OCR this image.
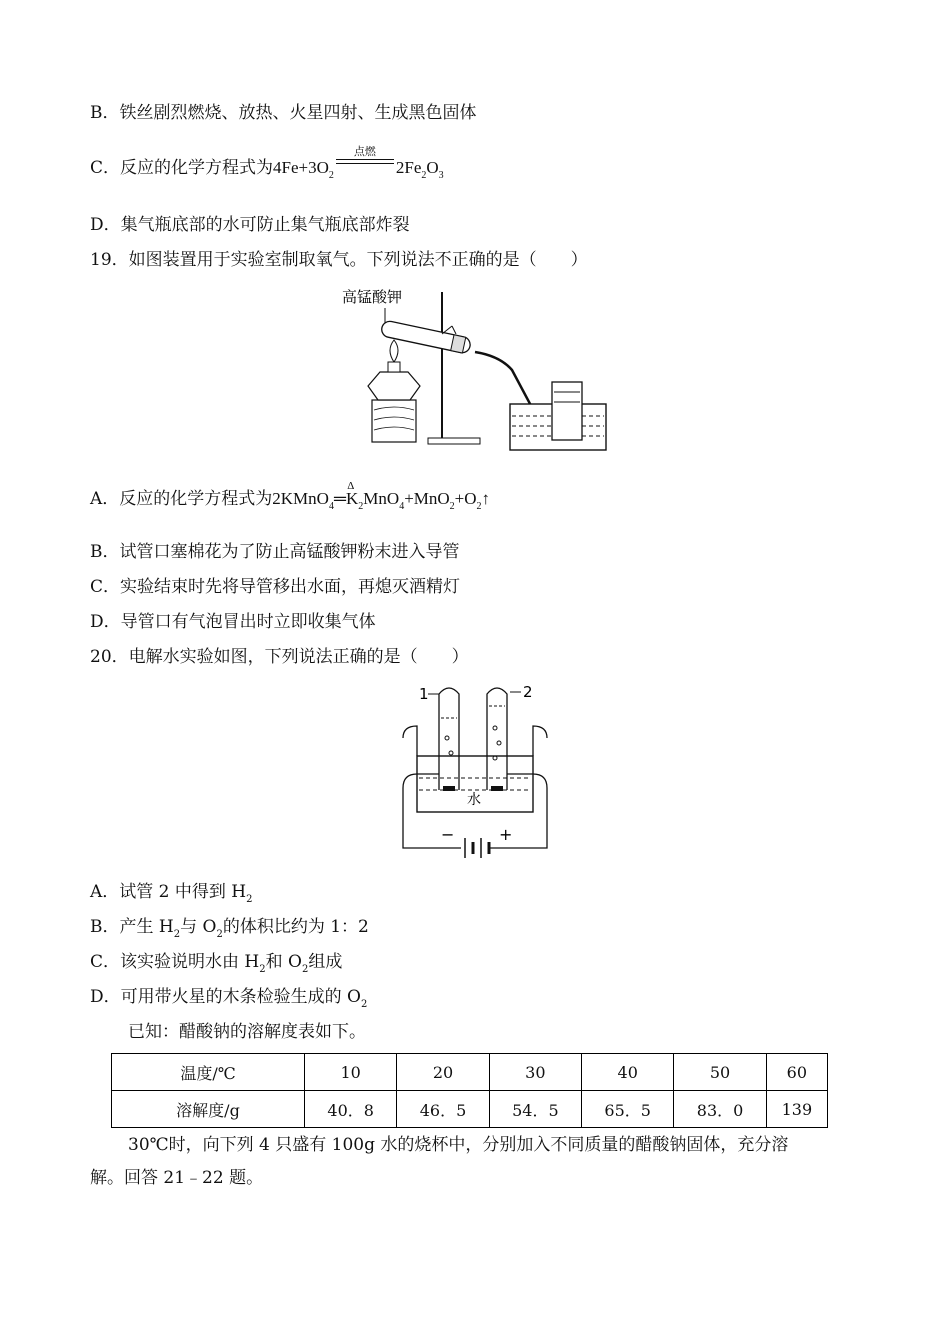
B．铁丝剧烈燃烧、放热、火星四射、生成黑色固体
C．反应的化学方程式为$4Fe+3O_2$
点燃
$2Fe_2O_3$
D．集气瓶底部的水可防止集气瓶底部炸裂
19．如图装置用于实验室制取氧气。下列说法不正确的是（　　）
高锰酸钾
A．反应的化学方程式为
Δ
$2KMnO_4═K_2MnO_4+MnO_2+O_2↑$
B．试管口塞棉花为了防止高锰酸钾粉末进入导管
C．实验结束时先将导管移出水面，再熄灭酒精灯
D．导管口有气泡冒出时立即收集气体
20．电解水实验如图，下列说法正确的是（　　）
1	2
水
−	+
A．试管 2 中得到 $H_2$
B．产生 $H_2$与 $O_2$的体积比约为 1：2
C．该实验说明水由 $H_2$和 $O_2$组成
D．可用带火星的木条检验生成的 $O_2$
已知：醋酸钠的溶解度表如下。
温度/℃	10	20	30	40	50	60
溶解度/g	40．8	46．5	54．5	65．5	83．0	139
30℃时，向下列 4 只盛有 100g 水的烧杯中，分别加入不同质量的醋酸钠固体，充分溶
解。回答 21﹣22 题。
